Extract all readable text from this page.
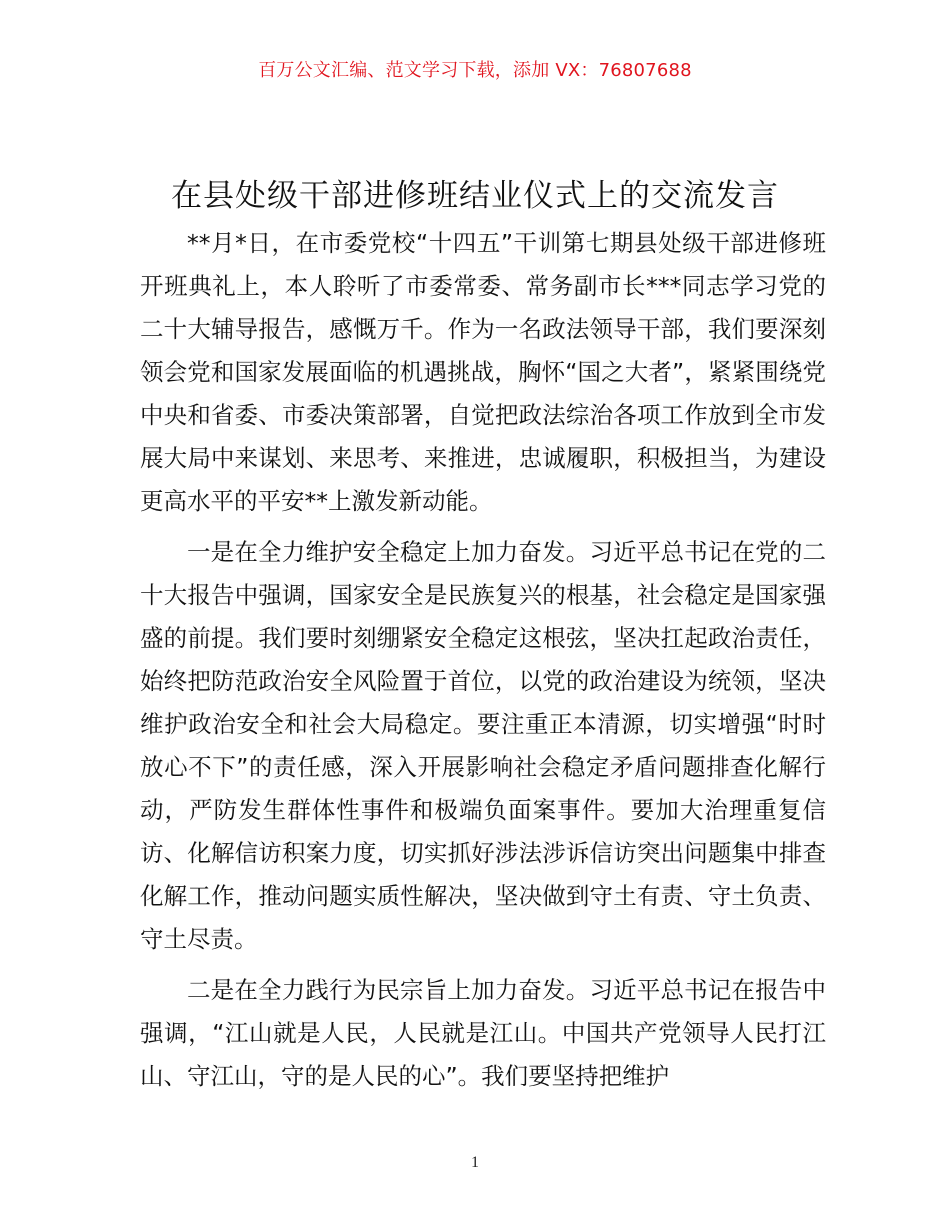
百万公文汇编、范文学习下载，添加 VX：76807688
在县处级干部进修班结业仪式上的交流发言

**月*日，在市委党校“十四五”干训第七期县处级干部进修班开班典礼上，本人聆听了市委常委、常务副市长***同志学习党的二十大辅导报告，感慨万千。作为一名政法领导干部，我们要深刻领会党和国家发展面临的机遇挑战，胸怀“国之大者”，紧紧围绕党中央和省委、市委决策部署，自觉把政法综治各项工作放到全市发展大局中来谋划、来思考、来推进，忠诚履职，积极担当，为建设更高水平的平安**上激发新动能。

一是在全力维护安全稳定上加力奋发。习近平总书记在党的二十大报告中强调，国家安全是民族复兴的根基，社会稳定是国家强盛的前提。我们要时刻绷紧安全稳定这根弦，坚决扛起政治责任，始终把防范政治安全风险置于首位，以党的政治建设为统领，坚决维护政治安全和社会大局稳定。要注重正本清源，切实增强“时时放心不下”的责任感，深入开展影响社会稳定矛盾问题排查化解行动，严防发生群体性事件和极端负面案事件。要加大治理重复信访、化解信访积案力度，切实抓好涉法涉诉信访突出问题集中排查化解工作，推动问题实质性解决，坚决做到守土有责、守土负责、守土尽责。

二是在全力践行为民宗旨上加力奋发。习近平总书记在报告中强调，“江山就是人民，人民就是江山。中国共产党领导人民打江山、守江山，守的是人民的心”。我们要坚持把维护

1
